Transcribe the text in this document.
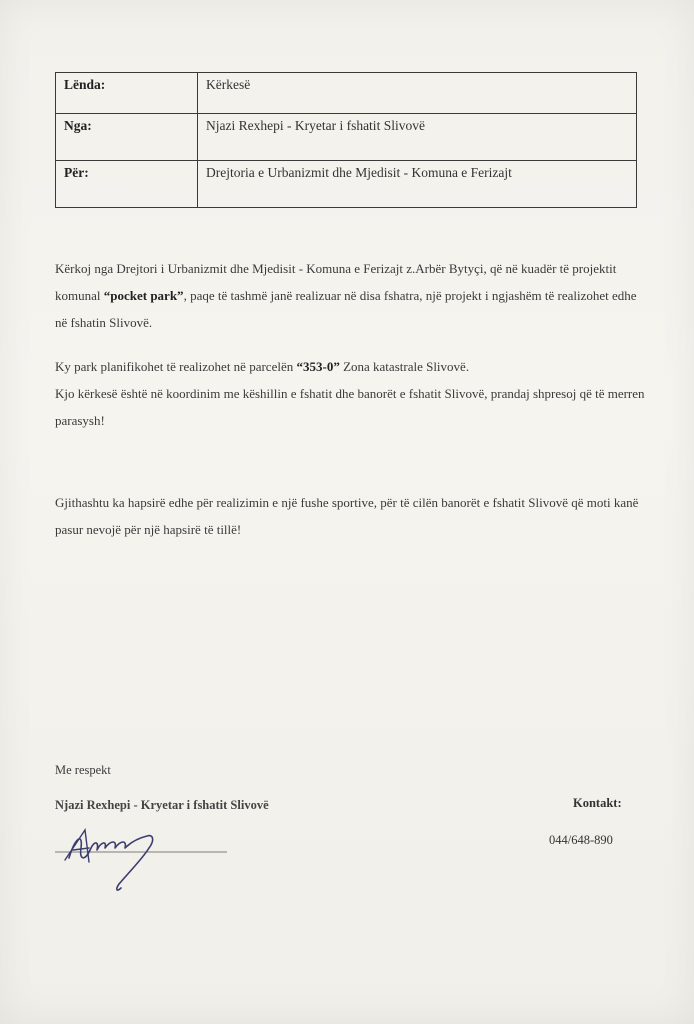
Lënda:	Kërkesë
Nga:	Njazi Rexhepi - Kryetar i fshatit Slivovë
Për:	Drejtoria e Urbanizmit dhe Mjedisit - Komuna e Ferizajt

Kërkoj nga Drejtori i Urbanizmit dhe Mjedisit - Komuna e Ferizajt z.Arbër Bytyçi, që në kuadër të projektit komunal “pocket park”, paqe të tashmë janë realizuar në disa fshatra, një projekt i ngjashëm të realizohet edhe në fshatin Slivovë.

Ky park planifikohet të realizohet në parcelën “353-0” Zona katastrale Slivovë.

Kjo kërkesë është në koordinim me këshillin e fshatit dhe banorët e fshatit Slivovë, prandaj shpresoj që të merren parasysh!

Gjithashtu ka hapsirë edhe për realizimin e një fushe sportive, për të cilën banorët e fshatit Slivovë që moti kanë pasur nevojë për një hapsirë të tillë!

Me respekt
Njazi Rexhepi - Kryetar i fshatit Slivovë	Kontakt:
044/648-890
